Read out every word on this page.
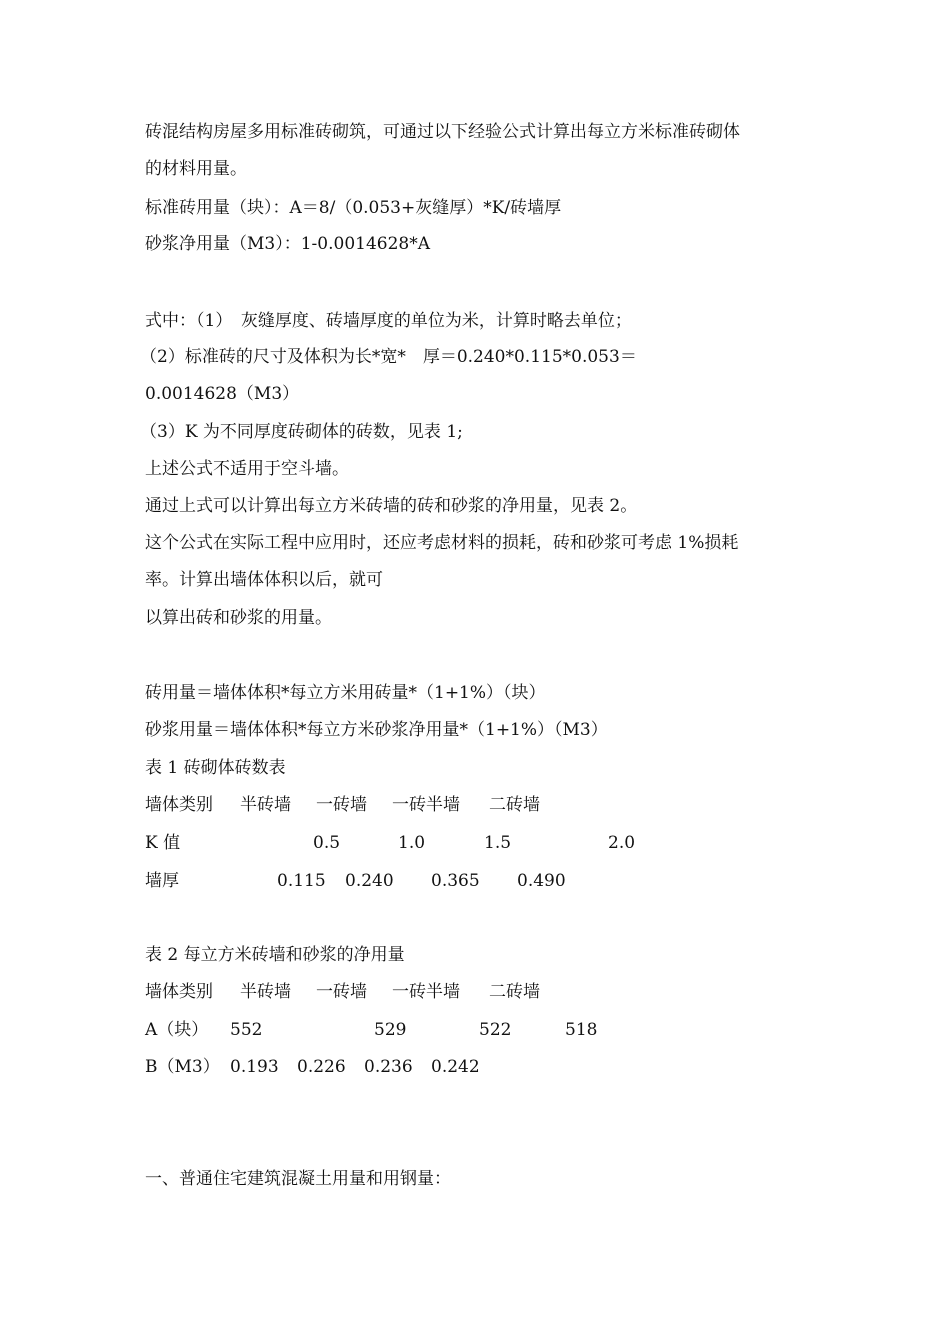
砖混结构房屋多用标准砖砌筑，可通过以下经验公式计算出每立方米标准砖砌体
的材料用量。
标准砖用量（块）：A＝8/（0.053+灰缝厚）*K/砖墙厚
砂浆净用量（M3）：1-0.0014628*A
式中：（1）　灰缝厚度、砖墙厚度的单位为米，计算时略去单位；
（2）标准砖的尺寸及体积为长*宽*　厚＝0.240*0.115*0.053＝
0.0014628（M3）
（3）K 为不同厚度砖砌体的砖数，见表 1;
上述公式不适用于空斗墙。
通过上式可以计算出每立方米砖墙的砖和砂浆的净用量，见表 2。
这个公式在实际工程中应用时，还应考虑材料的损耗，砖和砂浆可考虑 1%损耗
率。计算出墙体体积以后，就可
以算出砖和砂浆的用量。
砖用量＝墙体体积*每立方米用砖量*（1+1%）（块）
砂浆用量＝墙体体积*每立方米砂浆净用量*（1+1%）（M3）
表 1 砖砌体砖数表
墙体类别 半砖墙 一砖墙 一砖半墙 二砖墙
K 值	0.5	1.0	1.5	2.0
墙厚	0.115 0.240 0.365 0.490
表 2 每立方米砖墙和砂浆的净用量
墙体类别 半砖墙 一砖墙 一砖半墙 二砖墙
A（块） 552	529	522	518
B（M3） 0.193 0.226 0.236 0.242
一、普通住宅建筑混凝土用量和用钢量：
